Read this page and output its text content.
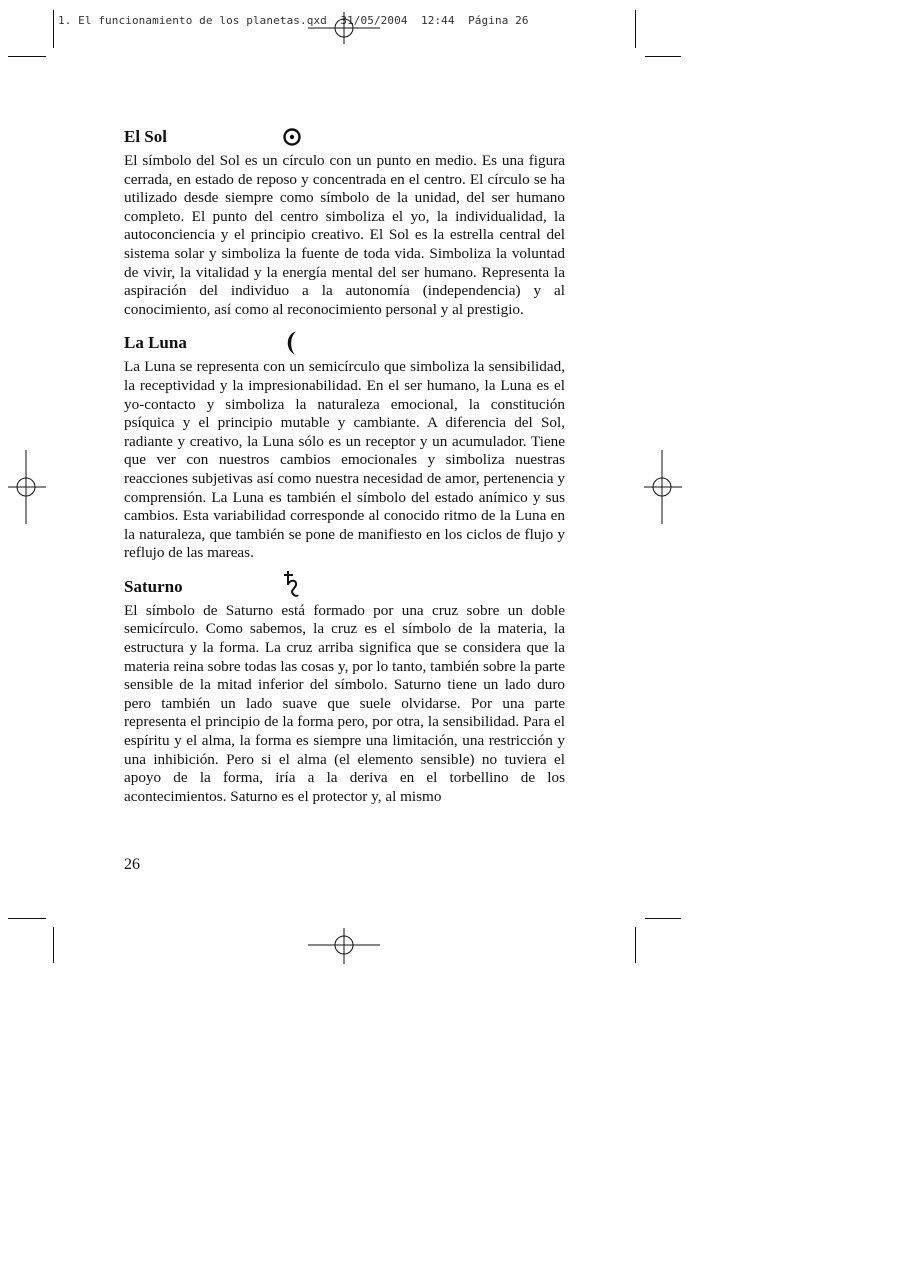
1. El funcionamiento de los planetas.qxd  31/05/2004  12:44  Página 26
El Sol

El símbolo del Sol es un círculo con un punto en medio. Es una figura cerrada, en estado de reposo y concentrada en el centro. El círculo se ha utilizado desde siempre como símbolo de la unidad, del ser humano completo. El punto del centro simboliza el yo, la individualidad, la autoconciencia y el principio creativo. El Sol es la estrella central del sistema solar y simboliza la fuente de toda vida. Simboliza la voluntad de vivir, la vitalidad y la energía mental del ser humano. Representa la aspiración del individuo a la autonomía (independencia) y al conocimiento, así como al reconocimiento personal y al prestigio.

La Luna

La Luna se representa con un semicírculo que simboliza la sensibilidad, la receptividad y la impresionabilidad. En el ser humano, la Luna es el yo-contacto y simboliza la naturaleza emocional, la constitución psíquica y el principio mutable y cambiante. A diferencia del Sol, radiante y creativo, la Luna sólo es un receptor y un acumulador. Tiene que ver con nuestros cambios emocionales y simboliza nuestras reacciones subjetivas así como nuestra necesidad de amor, pertenencia y comprensión. La Luna es también el símbolo del estado anímico y sus cambios. Esta variabilidad corresponde al conocido ritmo de la Luna en la naturaleza, que también se pone de manifiesto en los ciclos de flujo y reflujo de las mareas.

Saturno

El símbolo de Saturno está formado por una cruz sobre un doble semicírculo. Como sabemos, la cruz es el símbolo de la materia, la estructura y la forma. La cruz arriba significa que se considera que la materia reina sobre todas las cosas y, por lo tanto, también sobre la parte sensible de la mitad inferior del símbolo. Saturno tiene un lado duro pero también un lado suave que suele olvidarse. Por una parte representa el principio de la forma pero, por otra, la sensibilidad. Para el espíritu y el alma, la forma es siempre una limitación, una restricción y una inhibición. Pero si el alma (el elemento sensible) no tuviera el apoyo de la forma, iría a la deriva en el torbellino de los acontecimientos. Saturno es el protector y, al mismo

26
